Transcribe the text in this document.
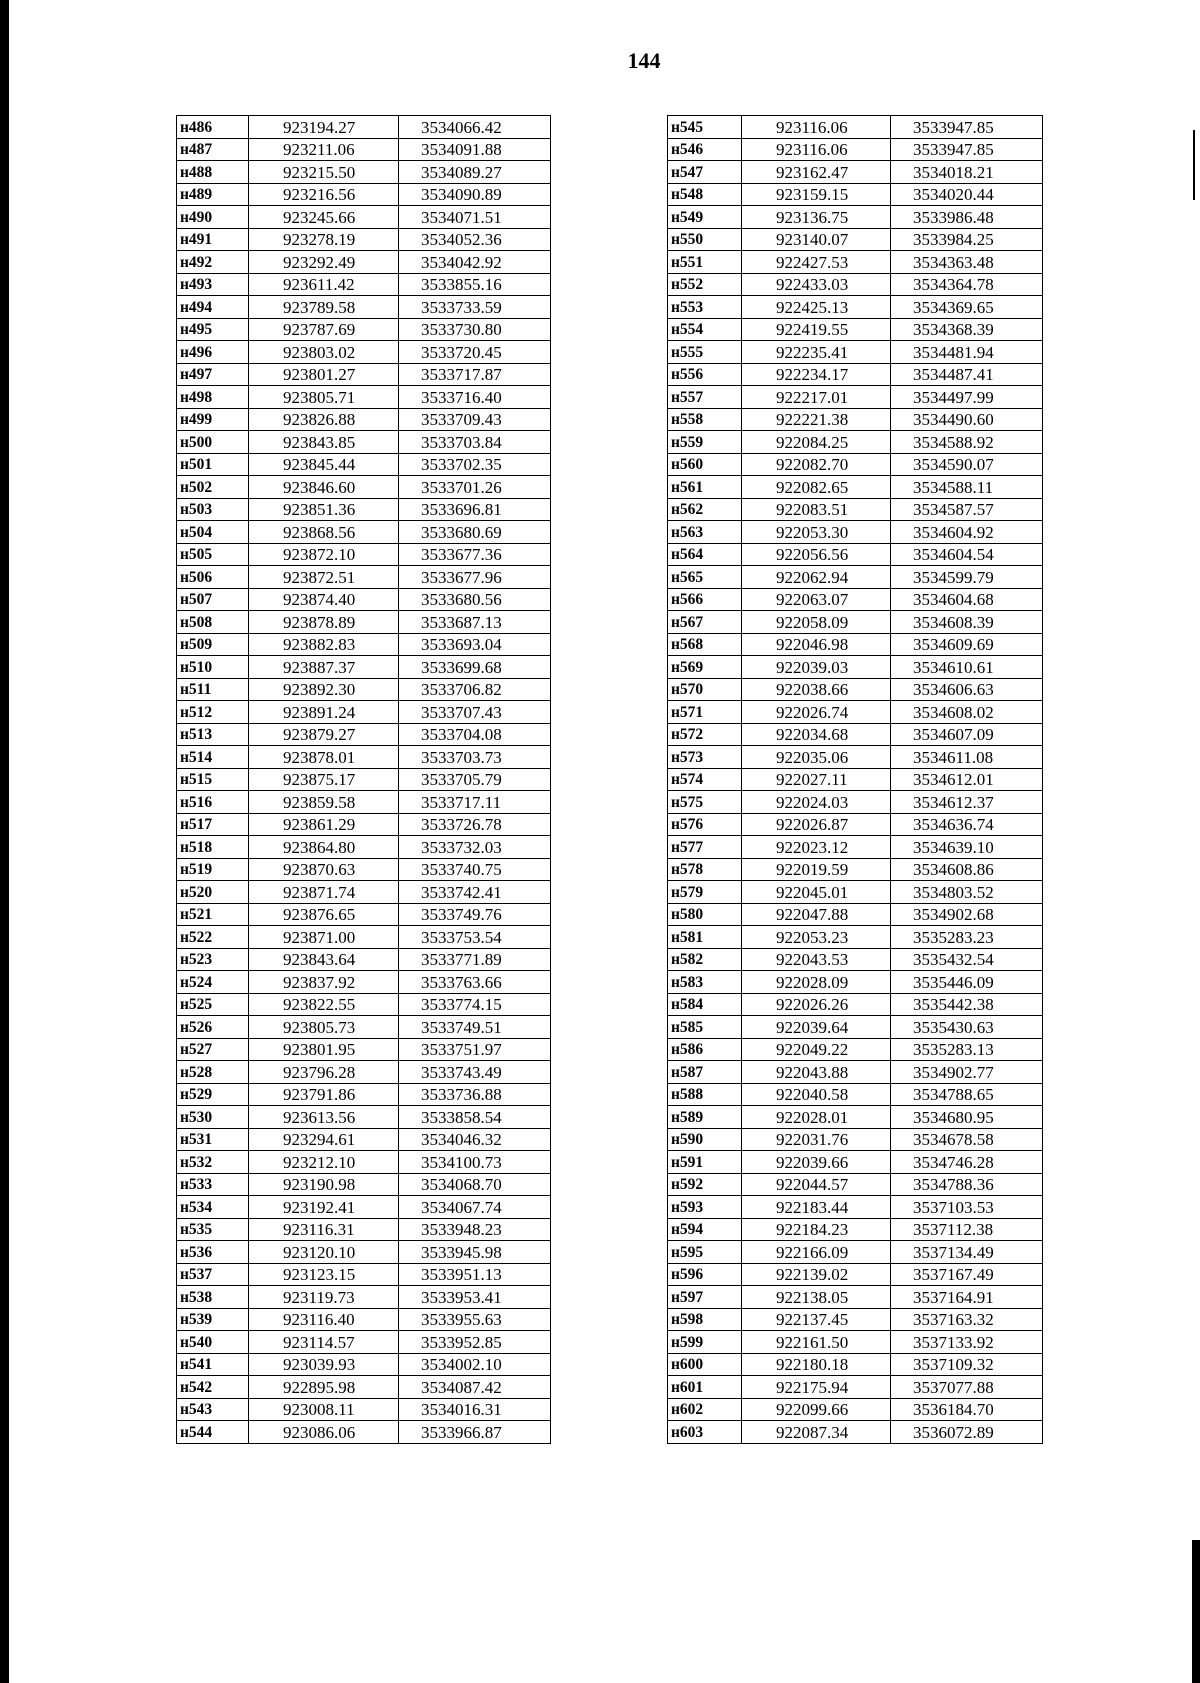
144
н486	923194.27	3534066.42
н487	923211.06	3534091.88
н488	923215.50	3534089.27
н489	923216.56	3534090.89
н490	923245.66	3534071.51
н491	923278.19	3534052.36
н492	923292.49	3534042.92
н493	923611.42	3533855.16
н494	923789.58	3533733.59
н495	923787.69	3533730.80
н496	923803.02	3533720.45
н497	923801.27	3533717.87
н498	923805.71	3533716.40
н499	923826.88	3533709.43
н500	923843.85	3533703.84
н501	923845.44	3533702.35
н502	923846.60	3533701.26
н503	923851.36	3533696.81
н504	923868.56	3533680.69
н505	923872.10	3533677.36
н506	923872.51	3533677.96
н507	923874.40	3533680.56
н508	923878.89	3533687.13
н509	923882.83	3533693.04
н510	923887.37	3533699.68
н511	923892.30	3533706.82
н512	923891.24	3533707.43
н513	923879.27	3533704.08
н514	923878.01	3533703.73
н515	923875.17	3533705.79
н516	923859.58	3533717.11
н517	923861.29	3533726.78
н518	923864.80	3533732.03
н519	923870.63	3533740.75
н520	923871.74	3533742.41
н521	923876.65	3533749.76
н522	923871.00	3533753.54
н523	923843.64	3533771.89
н524	923837.92	3533763.66
н525	923822.55	3533774.15
н526	923805.73	3533749.51
н527	923801.95	3533751.97
н528	923796.28	3533743.49
н529	923791.86	3533736.88
н530	923613.56	3533858.54
н531	923294.61	3534046.32
н532	923212.10	3534100.73
н533	923190.98	3534068.70
н534	923192.41	3534067.74
н535	923116.31	3533948.23
н536	923120.10	3533945.98
н537	923123.15	3533951.13
н538	923119.73	3533953.41
н539	923116.40	3533955.63
н540	923114.57	3533952.85
н541	923039.93	3534002.10
н542	922895.98	3534087.42
н543	923008.11	3534016.31
н544	923086.06	3533966.87
н545	923116.06	3533947.85
н546	923116.06	3533947.85
н547	923162.47	3534018.21
н548	923159.15	3534020.44
н549	923136.75	3533986.48
н550	923140.07	3533984.25
н551	922427.53	3534363.48
н552	922433.03	3534364.78
н553	922425.13	3534369.65
н554	922419.55	3534368.39
н555	922235.41	3534481.94
н556	922234.17	3534487.41
н557	922217.01	3534497.99
н558	922221.38	3534490.60
н559	922084.25	3534588.92
н560	922082.70	3534590.07
н561	922082.65	3534588.11
н562	922083.51	3534587.57
н563	922053.30	3534604.92
н564	922056.56	3534604.54
н565	922062.94	3534599.79
н566	922063.07	3534604.68
н567	922058.09	3534608.39
н568	922046.98	3534609.69
н569	922039.03	3534610.61
н570	922038.66	3534606.63
н571	922026.74	3534608.02
н572	922034.68	3534607.09
н573	922035.06	3534611.08
н574	922027.11	3534612.01
н575	922024.03	3534612.37
н576	922026.87	3534636.74
н577	922023.12	3534639.10
н578	922019.59	3534608.86
н579	922045.01	3534803.52
н580	922047.88	3534902.68
н581	922053.23	3535283.23
н582	922043.53	3535432.54
н583	922028.09	3535446.09
н584	922026.26	3535442.38
н585	922039.64	3535430.63
н586	922049.22	3535283.13
н587	922043.88	3534902.77
н588	922040.58	3534788.65
н589	922028.01	3534680.95
н590	922031.76	3534678.58
н591	922039.66	3534746.28
н592	922044.57	3534788.36
н593	922183.44	3537103.53
н594	922184.23	3537112.38
н595	922166.09	3537134.49
н596	922139.02	3537167.49
н597	922138.05	3537164.91
н598	922137.45	3537163.32
н599	922161.50	3537133.92
н600	922180.18	3537109.32
н601	922175.94	3537077.88
н602	922099.66	3536184.70
н603	922087.34	3536072.89
